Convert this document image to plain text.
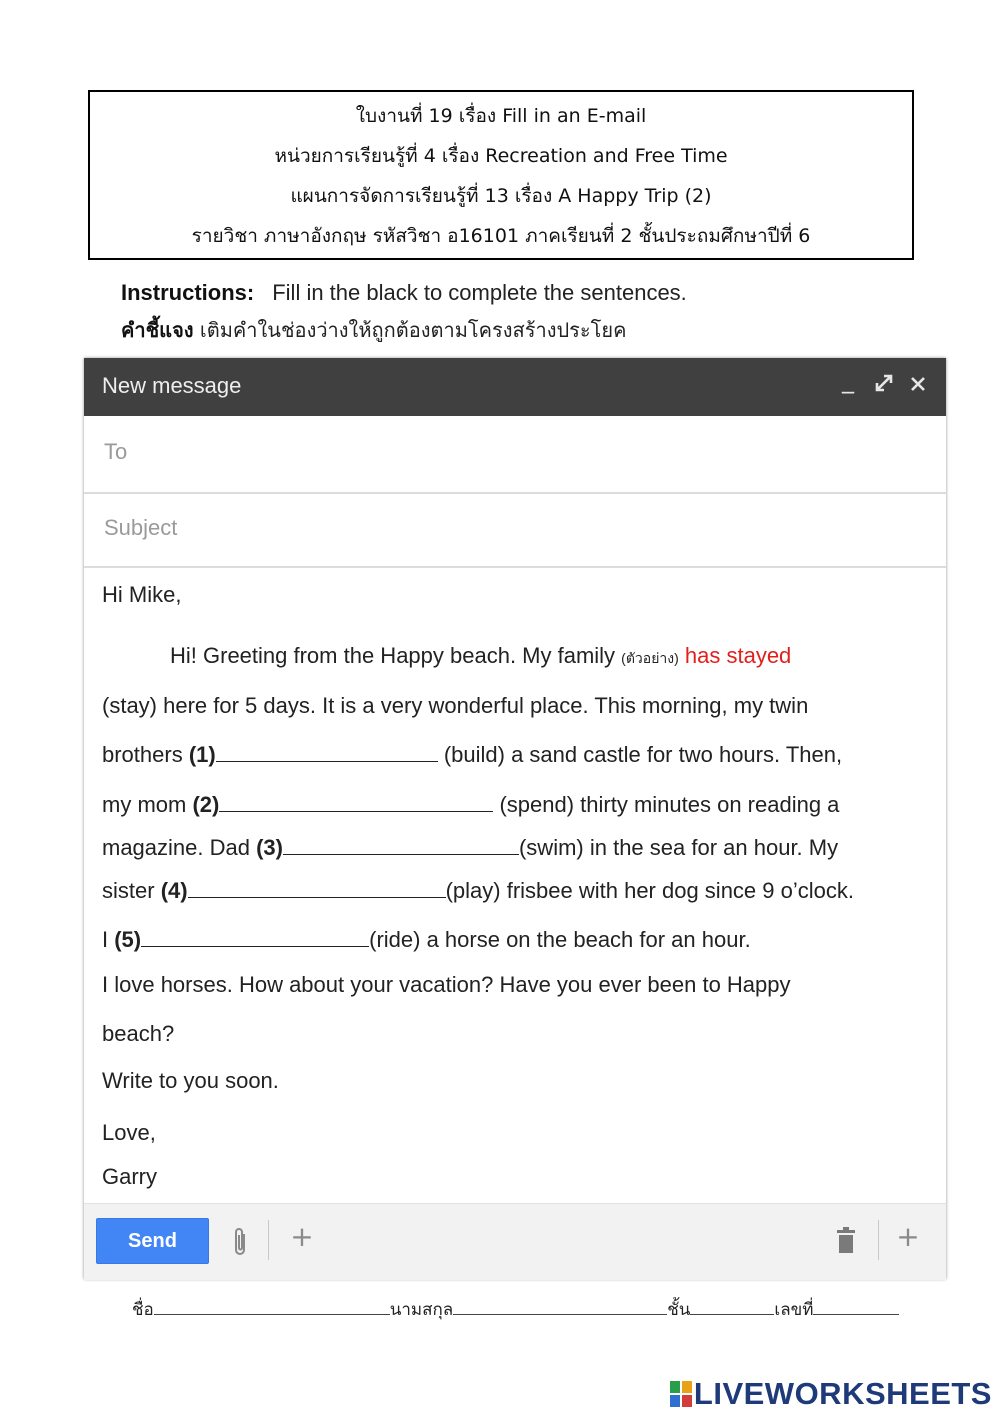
ใบงานที่ 19 เรื่อง Fill in an E-mail
หน่วยการเรียนรู้ที่ 4 เรื่อง Recreation and Free Time
แผนการจัดการเรียนรู้ที่ 13 เรื่อง A Happy Trip (2)
รายวิชา ภาษาอังกฤษ รหัสวิชา อ16101 ภาคเรียนที่ 2 ชั้นประถมศึกษาปีที่ 6
Instructions: Fill in the black to complete the sentences.
คำชี้แจง เติมคำในช่องว่างให้ถูกต้องตามโครงสร้างประโยค
New message	_
To
Subject
Hi Mike,
Hi! Greeting from the Happy beach. My family (ตัวอย่าง) has stayed
(stay) here for 5 days. It is a very wonderful place. This morning, my twin
brothers (1)	(build) a sand castle for two hours. Then,
my mom (2)	(spend) thirty minutes on reading a
magazine. Dad (3)	(swim) in the sea for an hour. My
sister (4)	(play) frisbee with her dog since 9 o’clock.
I (5)	(ride) a horse on the beach for an hour.
I love horses. How about your vacation? Have you ever been to Happy
beach?
Write to you soon.
Love,
Garry
Send	+	+
ชื่อ	นามสกุล	ชั้น	เลขที่
LIVEWORKSHEETS
